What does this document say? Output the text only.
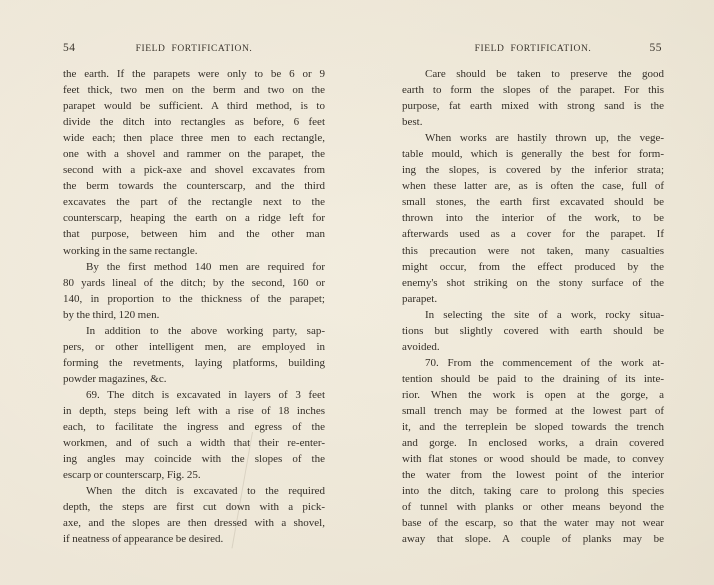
54	FIELD FORTIFICATION.
the earth. If the parapets were only to be 6 or 9
feet thick, two men on the berm and two on the
parapet would be sufficient. A third method, is to
divide the ditch into rectangles as before, 6 feet
wide each; then place three men to each rectangle,
one with a shovel and rammer on the parapet, the
second with a pick-axe and shovel excavates from
the berm towards the counterscarp, and the third
excavates the part of the rectangle next to the
counterscarp, heaping the earth on a ridge left for
that purpose, between him and the other man
working in the same rectangle.
By the first method 140 men are required for
80 yards lineal of the ditch; by the second, 160 or
140, in proportion to the thickness of the parapet;
by the third, 120 men.
In addition to the above working party, sap-
pers, or other intelligent men, are employed in
forming the revetments, laying platforms, building
powder magazines, &c.
69. The ditch is excavated in layers of 3 feet
in depth, steps being left with a rise of 18 inches
each, to facilitate the ingress and egress of the
workmen, and of such a width that their re-enter-
ing angles may coincide with the slopes of the
escarp or counterscarp, Fig. 25.
When the ditch is excavated to the required
depth, the steps are first cut down with a pick-
axe, and the slopes are then dressed with a shovel,
if neatness of appearance be desired.
FIELD FORTIFICATION.	55
Care should be taken to preserve the good
earth to form the slopes of the parapet. For this
purpose, fat earth mixed with strong sand is the
best.
When works are hastily thrown up, the vege-
table mould, which is generally the best for form-
ing the slopes, is covered by the inferior strata;
when these latter are, as is often the case, full of
small stones, the earth first excavated should be
thrown into the interior of the work, to be
afterwards used as a cover for the parapet. If
this precaution were not taken, many casualties
might occur, from the effect produced by the
enemy's shot striking on the stony surface of the
parapet.
In selecting the site of a work, rocky situa-
tions but slightly covered with earth should be
avoided.
70. From the commencement of the work at-
tention should be paid to the draining of its inte-
rior. When the work is open at the gorge, a
small trench may be formed at the lowest part of
it, and the terreplein be sloped towards the trench
and gorge. In enclosed works, a drain covered
with flat stones or wood should be made, to convey
the water from the lowest point of the interior
into the ditch, taking care to prolong this species
of tunnel with planks or other means beyond the
base of the escarp, so that the water may not wear
away that slope. A couple of planks may be
